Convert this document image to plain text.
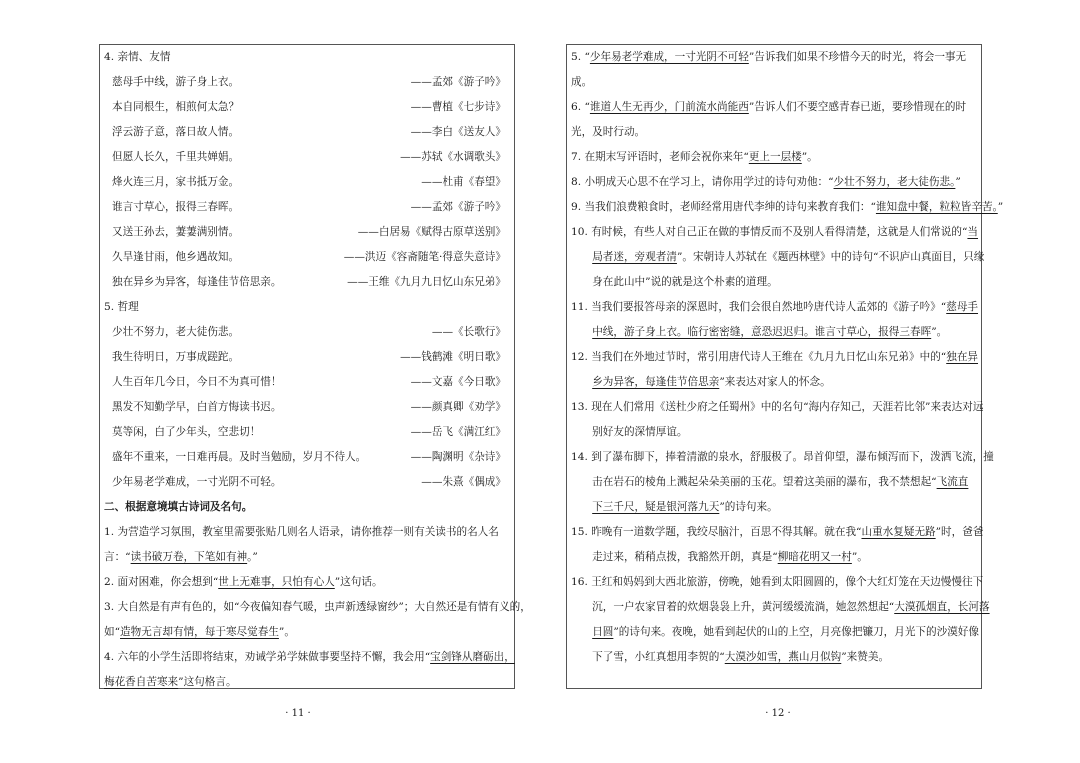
4. 亲情、友情
慈母手中线，游子身上衣。	——孟郊《游子吟》
本自同根生，相煎何太急？	——曹植《七步诗》
浮云游子意，落日故人情。	——李白《送友人》
但愿人长久，千里共婵娟。	——苏轼《水调歌头》
烽火连三月，家书抵万金。	——杜甫《春望》
谁言寸草心，报得三春晖。	——孟郊《游子吟》
又送王孙去，萋萋满别情。	——白居易《赋得古原草送别》
久旱逢甘雨，他乡遇故知。	——洪迈《容斋随笔·得意失意诗》
独在异乡为异客，每逢佳节倍思亲。	——王维《九月九日忆山东兄弟》
5. 哲理
少壮不努力，老大徒伤悲。	——《长歌行》
我生待明日，万事成蹉跎。	——钱鹤滩《明日歌》
人生百年几今日，今日不为真可惜！	——文嘉《今日歌》
黑发不知勤学早，白首方悔读书迟。	——颜真卿《劝学》
莫等闲，白了少年头，空悲切！	——岳飞《满江红》
盛年不重来，一日难再晨。及时当勉励，岁月不待人。	——陶渊明《杂诗》
少年易老学难成，一寸光阴不可轻。	——朱熹《偶成》
二、根据意境填古诗词及名句。
1. 为营造学习氛围，教室里需要张贴几则名人语录，请你推荐一则有关读书的名人名
言：“读书破万卷，下笔如有神。”
2. 面对困难，你会想到“世上无难事，只怕有心人”这句话。
3. 大自然是有声有色的，如“今夜偏知春气暖，虫声新透绿窗纱”；大自然还是有情有义的，
如“造物无言却有情，每于寒尽觉春生”。
4. 六年的小学生活即将结束，劝诫学弟学妹做事要坚持不懈，我会用“宝剑锋从磨砺出，
梅花香自苦寒来”这句格言。
5. “少年易老学难成，一寸光阴不可轻”告诉我们如果不珍惜今天的时光，将会一事无
成。
6. “谁道人生无再少，门前流水尚能西”告诉人们不要空感青春已逝，要珍惜现在的时
光，及时行动。
7. 在期末写评语时，老师会祝你来年“更上一层楼”。
8. 小明成天心思不在学习上，请你用学过的诗句劝他：“少壮不努力，老大徒伤悲。”
9. 当我们浪费粮食时，老师经常用唐代李绅的诗句来教育我们：“谁知盘中餐，粒粒皆辛苦。”
10. 有时候，有些人对自己正在做的事情反而不及别人看得清楚，这就是人们常说的“当
　　局者迷，旁观者清”。宋朝诗人苏轼在《题西林壁》中的诗句“不识庐山真面目，只缘
　　身在此山中”说的就是这个朴素的道理。
11. 当我们要报答母亲的深恩时，我们会很自然地吟唐代诗人孟郊的《游子吟》“慈母手
　　中线，游子身上衣。临行密密缝，意恐迟迟归。谁言寸草心，报得三春晖”。
12. 当我们在外地过节时，常引用唐代诗人王维在《九月九日忆山东兄弟》中的“独在异
　　乡为异客，每逢佳节倍思亲”来表达对家人的怀念。
13. 现在人们常用《送杜少府之任蜀州》中的名句“海内存知己，天涯若比邻”来表达对远
　　别好友的深情厚谊。
14. 到了瀑布脚下，捧着清澈的泉水，舒服极了。昂首仰望，瀑布倾泻而下，泼洒飞流，撞
　　击在岩石的棱角上溅起朵朵美丽的玉花。望着这美丽的瀑布，我不禁想起“飞流直
　　下三千尺，疑是银河落九天”的诗句来。
15. 昨晚有一道数学题，我绞尽脑汁，百思不得其解。就在我“山重水复疑无路”时，爸爸
　　走过来，稍稍点拨，我豁然开朗，真是“柳暗花明又一村”。
16. 王红和妈妈到大西北旅游，傍晚，她看到太阳圆圆的，像个大红灯笼在天边慢慢往下
　　沉，一户农家冒着的炊烟袅袅上升，黄河缓缓流淌，她忽然想起“大漠孤烟直，长河落
　　日圆”的诗句来。夜晚，她看到起伏的山的上空，月亮像把镰刀，月光下的沙漠好像
　　下了雪，小红真想用李贺的“大漠沙如雪，燕山月似钩”来赞美。
· 11 ·	· 12 ·
